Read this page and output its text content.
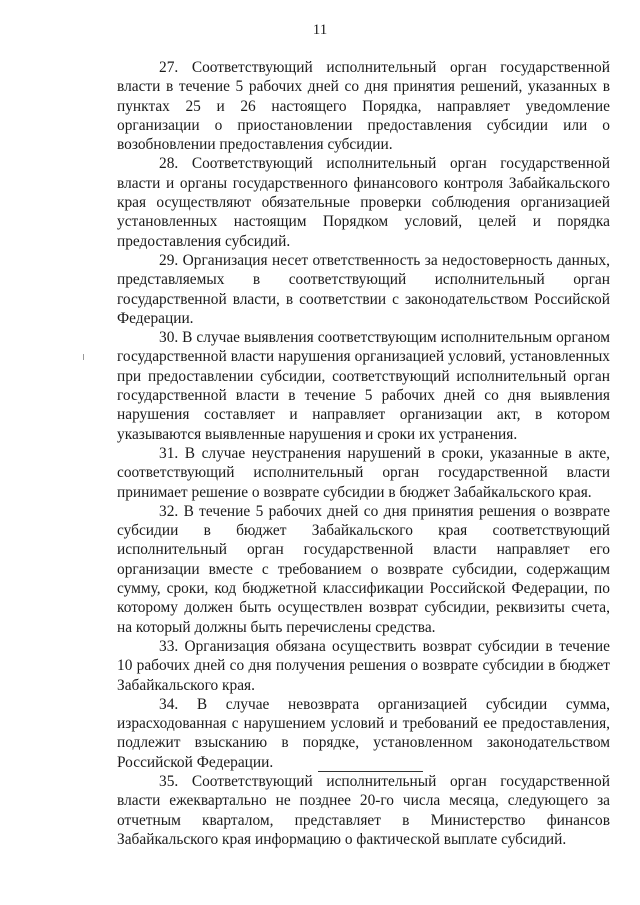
11

27. Соответствующий исполнительный орган государственной власти в течение 5 рабочих дней со дня принятия решений, указанных в пунктах 25 и 26 настоящего Порядка, направляет уведомление организации о приостановлении предоставления субсидии или о возобновлении предоставления субсидии.

28. Соответствующий исполнительный орган государственной власти и органы государственного финансового контроля Забайкальского края осуществляют обязательные проверки соблюдения организацией установленных настоящим Порядком условий, целей и порядка предоставления субсидий.

29. Организация несет ответственность за недостоверность данных, представляемых в соответствующий исполнительный орган государственной власти, в соответствии с законодательством Российской Федерации.

30. В случае выявления соответствующим исполнительным органом государственной власти нарушения организацией условий, установленных при предоставлении субсидии, соответствующий исполнительный орган государственной власти в течение 5 рабочих дней со дня выявления нарушения составляет и направляет организации акт, в котором указываются выявленные нарушения и сроки их устранения.

31. В случае неустранения нарушений в сроки, указанные в акте, соответствующий исполнительный орган государственной власти принимает решение о возврате субсидии в бюджет Забайкальского края.

32. В течение 5 рабочих дней со дня принятия решения о возврате субсидии в бюджет Забайкальского края соответствующий исполнительный орган государственной власти направляет его организации вместе с требованием о возврате субсидии, содержащим сумму, сроки, код бюджетной классификации Российской Федерации, по которому должен быть осуществлен возврат субсидии, реквизиты счета, на который должны быть перечислены средства.

33. Организация обязана осуществить возврат субсидии в течение 10 рабочих дней со дня получения решения о возврате субсидии в бюджет Забайкальского края.

34. В случае невозврата организацией субсидии сумма, израсходованная с нарушением условий и требований ее предоставления, подлежит взысканию в порядке, установленном законодательством Российской Федерации.

35. Соответствующий исполнительный орган государственной власти ежеквартально не позднее 20-го числа месяца, следующего за отчетным кварталом, представляет в Министерство финансов Забайкальского края информацию о фактической выплате субсидий.
